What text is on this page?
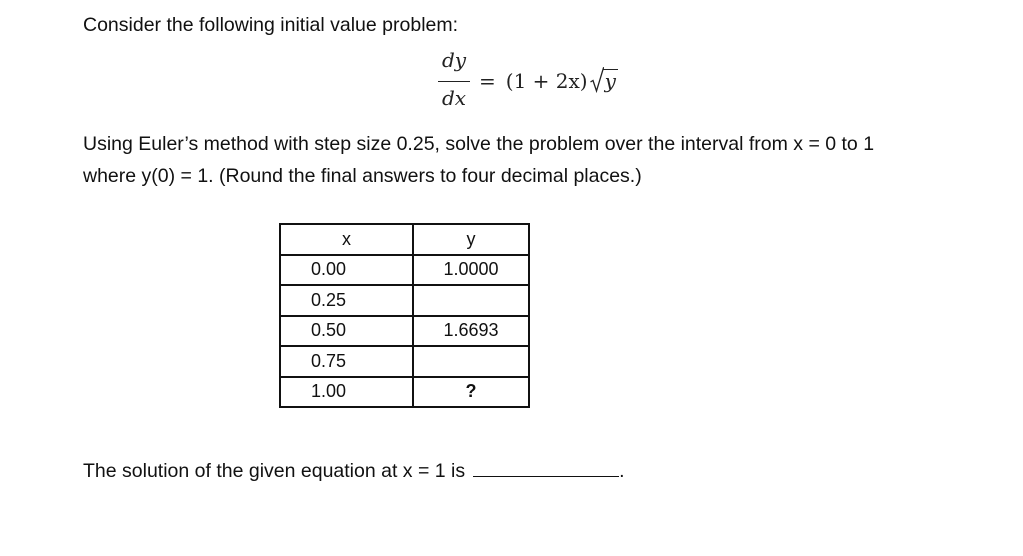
Consider the following initial value problem:
dy
dx
= (1 + 2x) y
Using Euler’s method with step size 0.25, solve the problem over the interval from x = 0 to 1
where y(0) = 1. (Round the final answers to four decimal places.)
x	y
0.00	1.0000
0.25	
0.50	1.6693
0.75	
1.00	?
The solution of the given equation at x = 1 is	.
